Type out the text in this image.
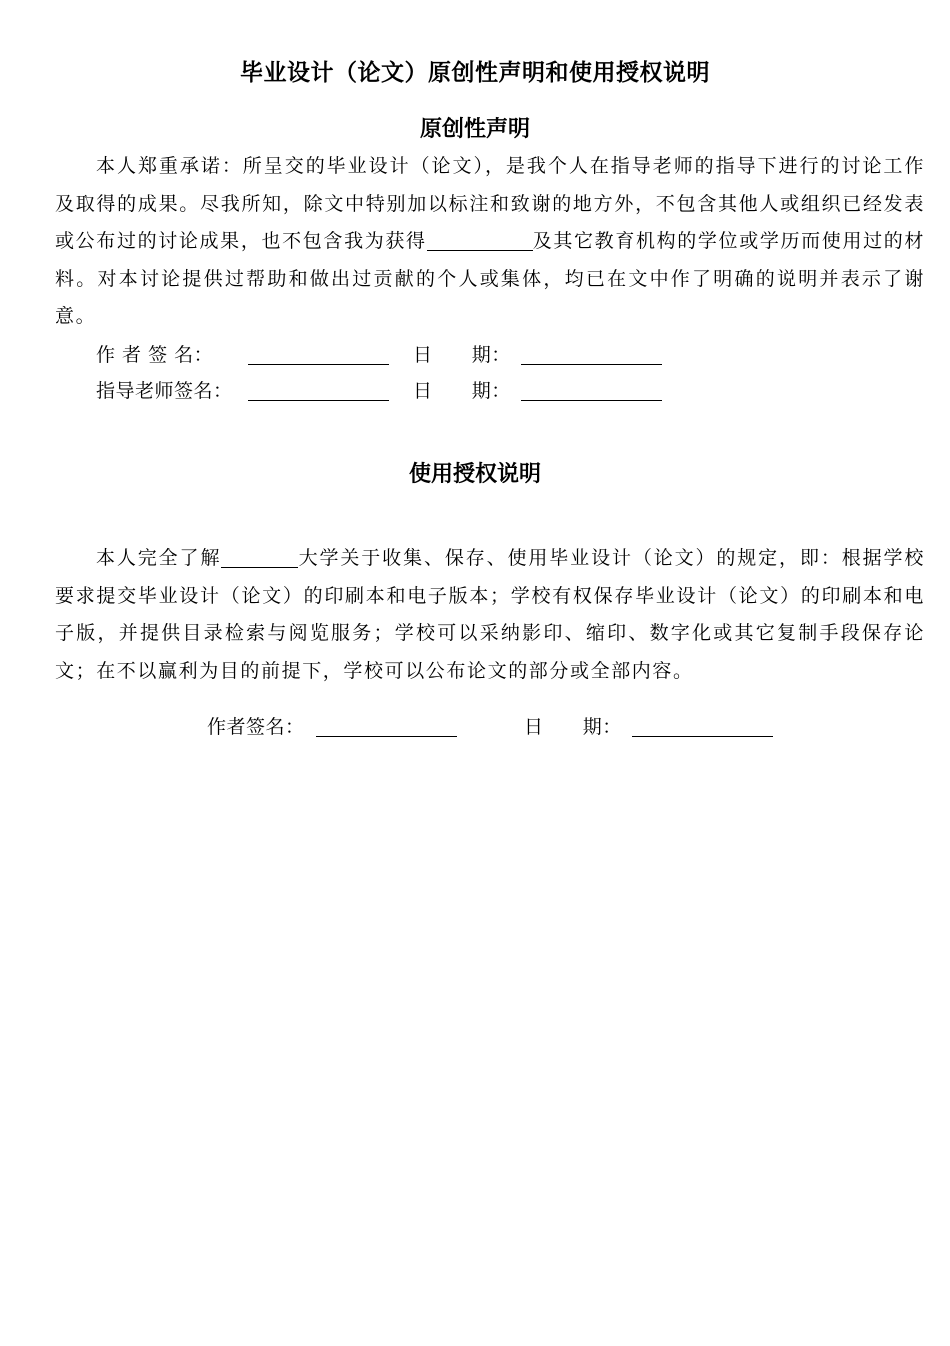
毕业设计（论文）原创性声明和使用授权说明
原创性声明
本人郑重承诺：所呈交的毕业设计（论文），是我个人在指导老师的指导下进行的讨论工作及取得的成果。尽我所知，除文中特别加以标注和致谢的地方外，不包含其他人或组织已经发表或公布过的讨论成果，也不包含我为获得	及其它教育机构的学位或学历而使用过的材料。对本讨论提供过帮助和做出过贡献的个人或集体，均已在文中作了明确的说明并表示了谢意。
作 者 签 名：	日      期：
指导老师签名：	日      期：
使用授权说明
本人完全了解	大学关于收集、保存、使用毕业设计（论文）的规定，即：根据学校要求提交毕业设计（论文）的印刷本和电子版本；学校有权保存毕业设计（论文）的印刷本和电子版，并提供目录检索与阅览服务；学校可以采纳影印、缩印、数字化或其它复制手段保存论文；在不以赢利为目的前提下，学校可以公布论文的部分或全部内容。
作者签名：	日      期：
